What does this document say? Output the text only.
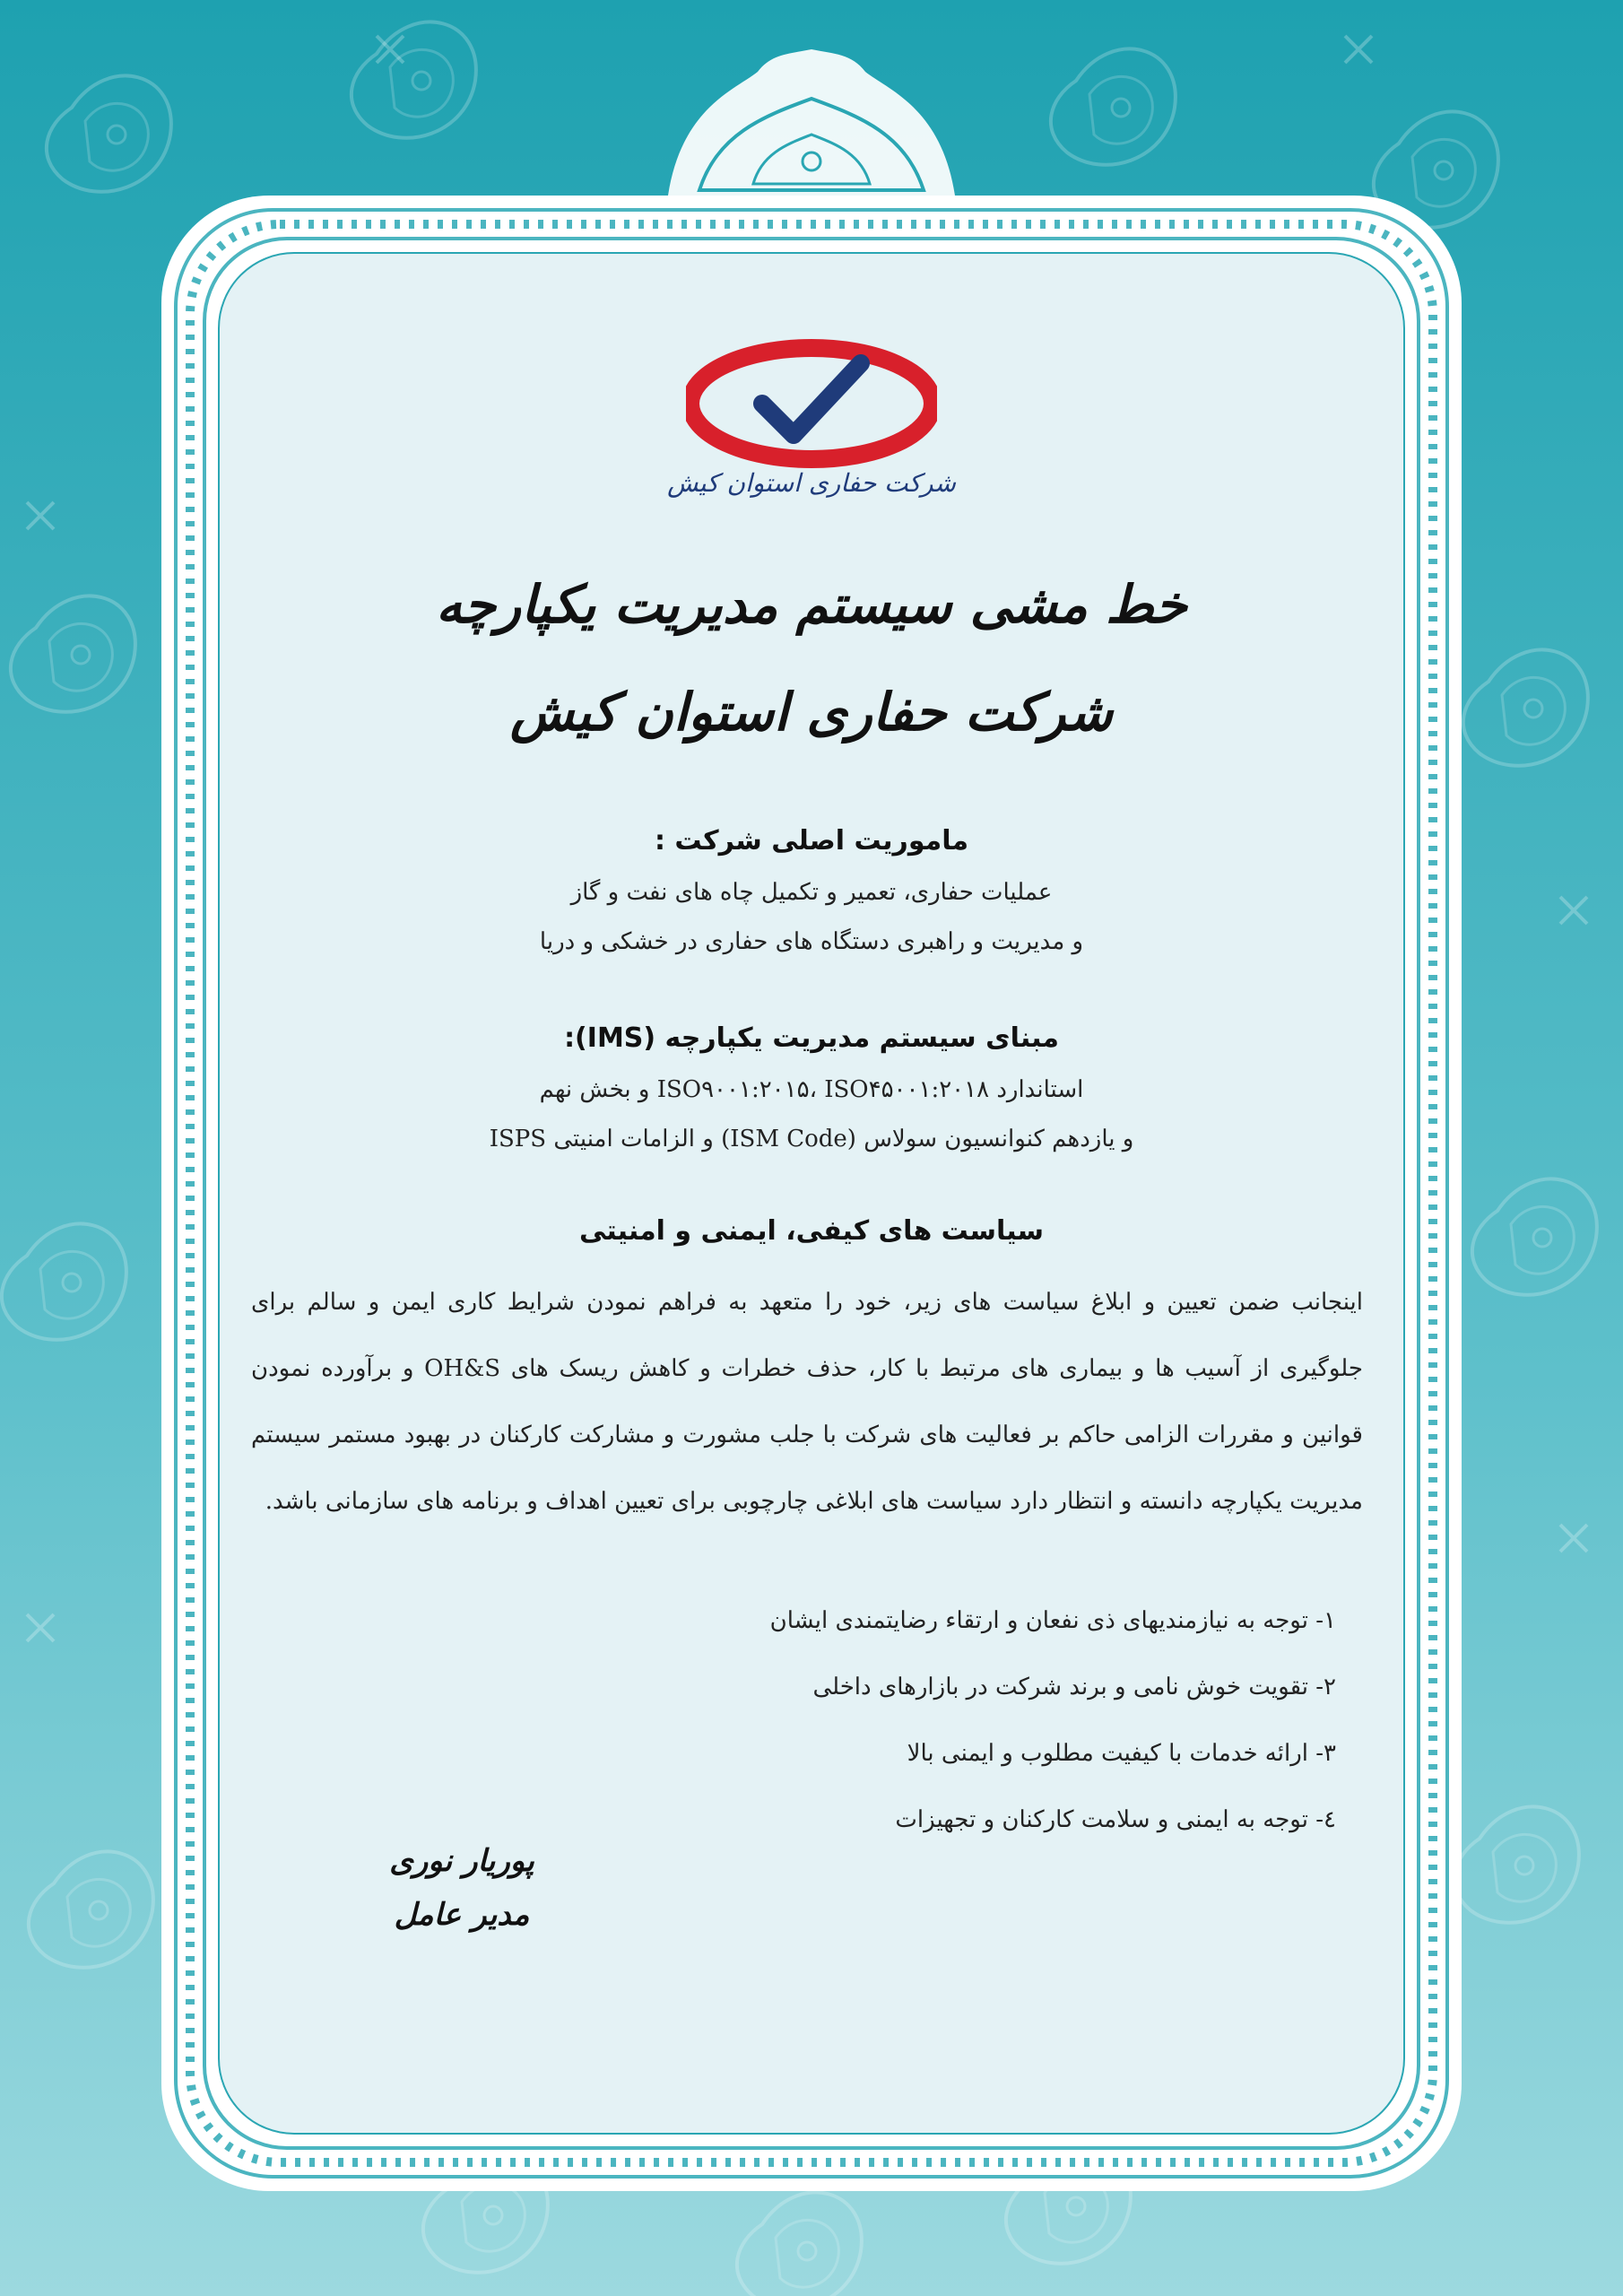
شرکت حفاری استوان کیش
خط مشی سیستم مدیریت یکپارچه
شرکت حفاری استوان کیش
ماموریت اصلی شرکت :
عملیات حفاری، تعمیر و تکمیل چاه های نفت و گاز
و مدیریت و راهبری دستگاه های حفاری در خشکی و دریا
مبنای سیستم مدیریت یکپارچه (IMS):
استاندارد ISO۹۰۰۱:۲۰۱۵، ISO۴۵۰۰۱:۲۰۱۸ و بخش نهم
و یازدهم کنوانسیون سولاس (ISM Code) و الزامات امنیتی ISPS
سیاست های کیفی، ایمنی و امنیتی
اینجانب ضمن تعیین و ابلاغ سیاست های زیر، خود را متعهد به فراهم نمودن شرایط کاری ایمن و سالم برای جلوگیری از آسیب ها و بیماری های مرتبط با کار، حذف خطرات و کاهش ریسک های OH&S و برآورده نمودن قوانین و مقررات الزامی حاکم بر فعالیت های شرکت با جلب مشورت و مشارکت کارکنان در بهبود مستمر سیستم مدیریت یکپارچه دانسته و انتظار دارد سیاست های ابلاغی چارچوبی برای تعیین اهداف و برنامه های سازمانی باشد.
۱- توجه به نیازمندیهای ذی نفعان و ارتقاء رضایتمندی ایشان
۲- تقویت خوش نامی و برند شرکت در بازارهای داخلی
۳- ارائه خدمات با کیفیت مطلوب و ایمنی بالا
٤- توجه به ایمنی و سلامت کارکنان و تجهیزات
پوریار نوری
مدیر عامل
